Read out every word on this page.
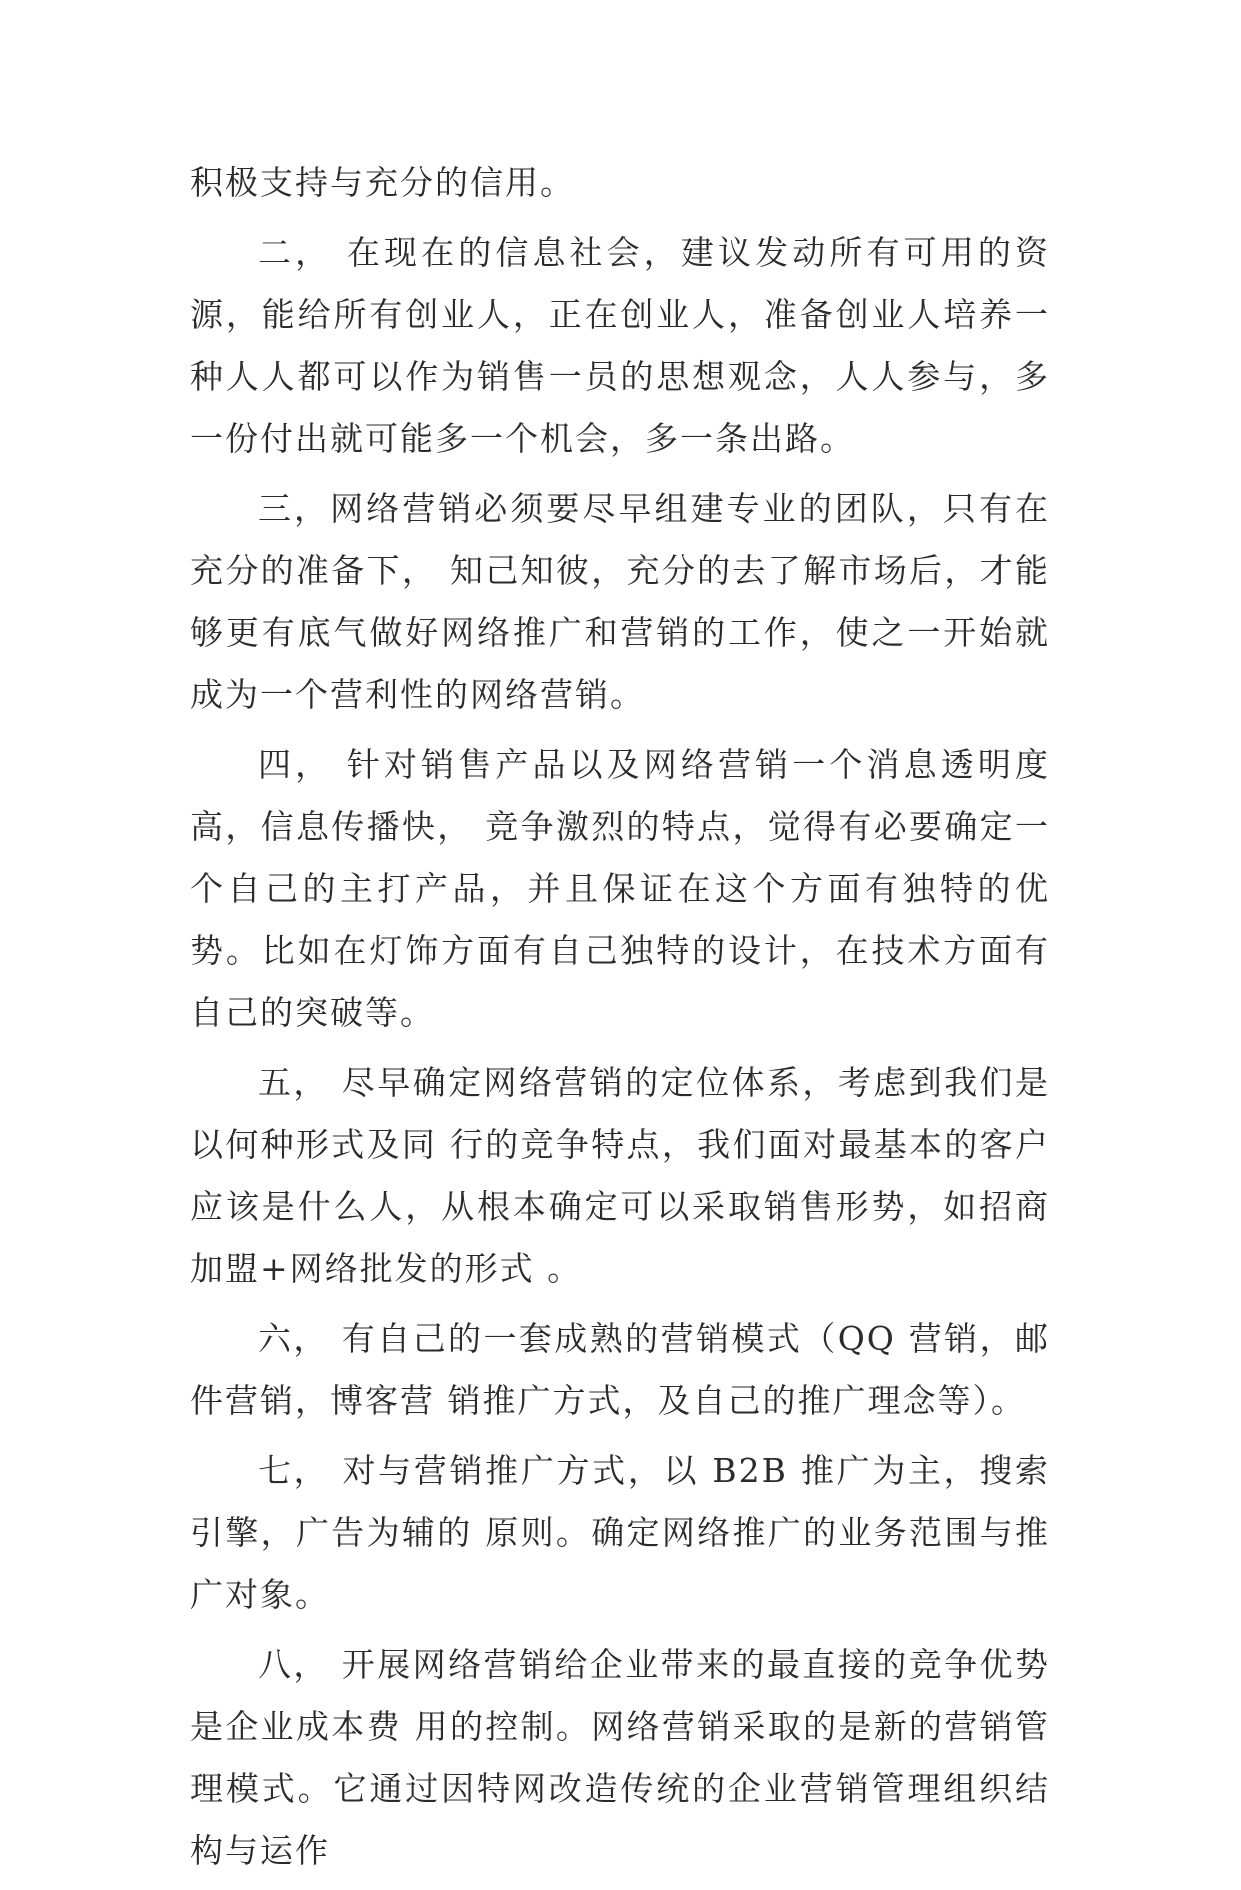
积极支持与充分的信用。

二， 在现在的信息社会，建议发动所有可用的资源，能给所有创业人，正在创业人，准备创业人培养一种人人都可以作为销售一员的思想观念，人人参与，多一份付出就可能多一个机会，多一条出路。

三，网络营销必须要尽早组建专业的团队，只有在充分的准备下， 知己知彼，充分的去了解市场后，才能够更有底气做好网络推广和营销的工作，使之一开始就成为一个营利性的网络营销。

四， 针对销售产品以及网络营销一个消息透明度高，信息传播快， 竞争激烈的特点，觉得有必要确定一个自己的主打产品，并且保证在这个方面有独特的优势。比如在灯饰方面有自己独特的设计，在技术方面有自己的突破等。

五， 尽早确定网络营销的定位体系，考虑到我们是以何种形式及同 行的竞争特点，我们面对最基本的客户应该是什么人，从根本确定可以采取销售形势，如招商加盟+网络批发的形式 。

六， 有自己的一套成熟的营销模式（QQ 营销，邮件营销，博客营 销推广方式，及自己的推广理念等）。

七， 对与营销推广方式，以 B2B 推广为主，搜索引擎，广告为辅的 原则。确定网络推广的业务范围与推广对象。

八， 开展网络营销给企业带来的最直接的竞争优势是企业成本费 用的控制。网络营销采取的是新的营销管理模式。它通过因特网改造传统的企业营销管理组织结构与运作
